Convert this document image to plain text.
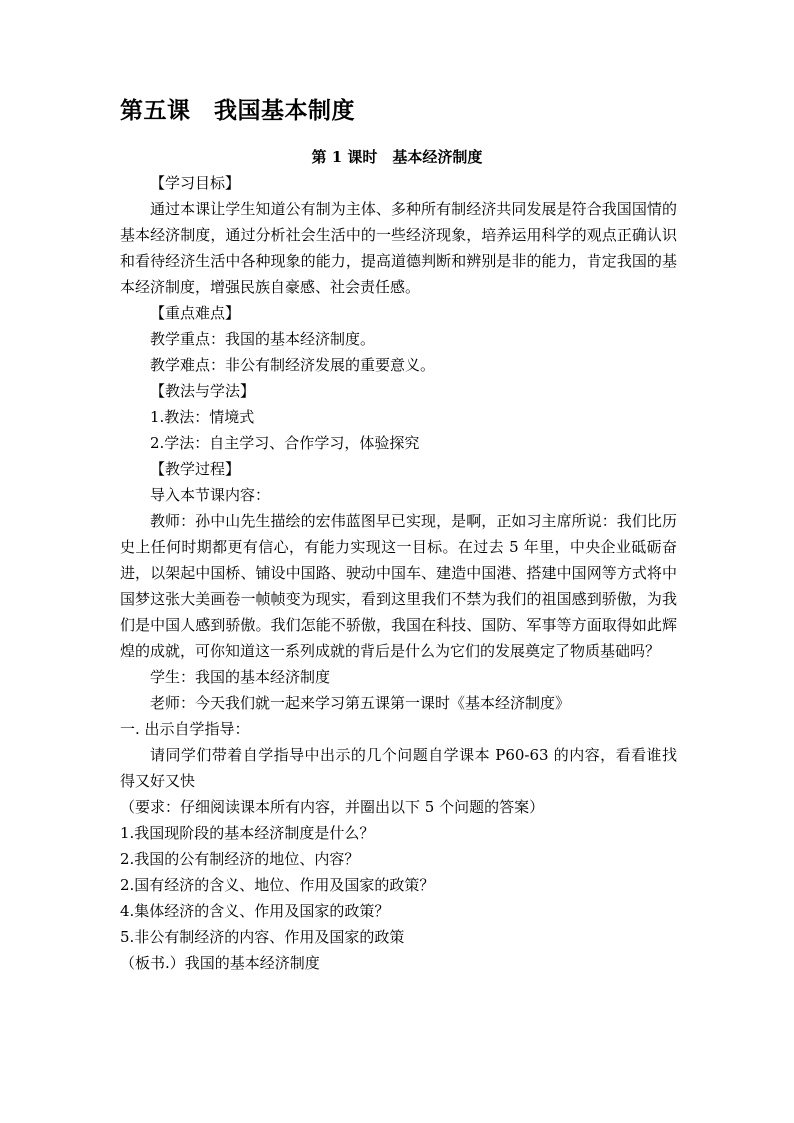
第五课　我国基本制度
第 1 课时　基本经济制度

【学习目标】

通过本课让学生知道公有制为主体、多种所有制经济共同发展是符合我国国情的基本经济制度，通过分析社会生活中的一些经济现象，培养运用科学的观点正确认识和看待经济生活中各种现象的能力，提高道德判断和辨别是非的能力，肯定我国的基本经济制度，增强民族自豪感、社会责任感。

【重点难点】

教学重点：我国的基本经济制度。

教学难点：非公有制经济发展的重要意义。

【教法与学法】

1.教法：情境式

2.学法：自主学习、合作学习，体验探究

【教学过程】

导入本节课内容：

教师：孙中山先生描绘的宏伟蓝图早已实现，是啊，正如习主席所说：我们比历史上任何时期都更有信心，有能力实现这一目标。在过去 5 年里，中央企业砥砺奋进，以架起中国桥、铺设中国路、驶动中国车、建造中国港、搭建中国网等方式将中国梦这张大美画卷一帧帧变为现实，看到这里我们不禁为我们的祖国感到骄傲，为我们是中国人感到骄傲。我们怎能不骄傲，我国在科技、国防、军事等方面取得如此辉煌的成就，可你知道这一系列成就的背后是什么为它们的发展奠定了物质基础吗？

学生：我国的基本经济制度

老师：今天我们就一起来学习第五课第一课时《基本经济制度》

一. 出示自学指导：

请同学们带着自学指导中出示的几个问题自学课本 P60-63 的内容，看看谁找得又好又快

（要求：仔细阅读课本所有内容，并圈出以下 5 个问题的答案）

1.我国现阶段的基本经济制度是什么？

2.我国的公有制经济的地位、内容？

2.国有经济的含义、地位、作用及国家的政策？

4.集体经济的含义、作用及国家的政策？

5.非公有制经济的内容、作用及国家的政策

（板书.）我国的基本经济制度
